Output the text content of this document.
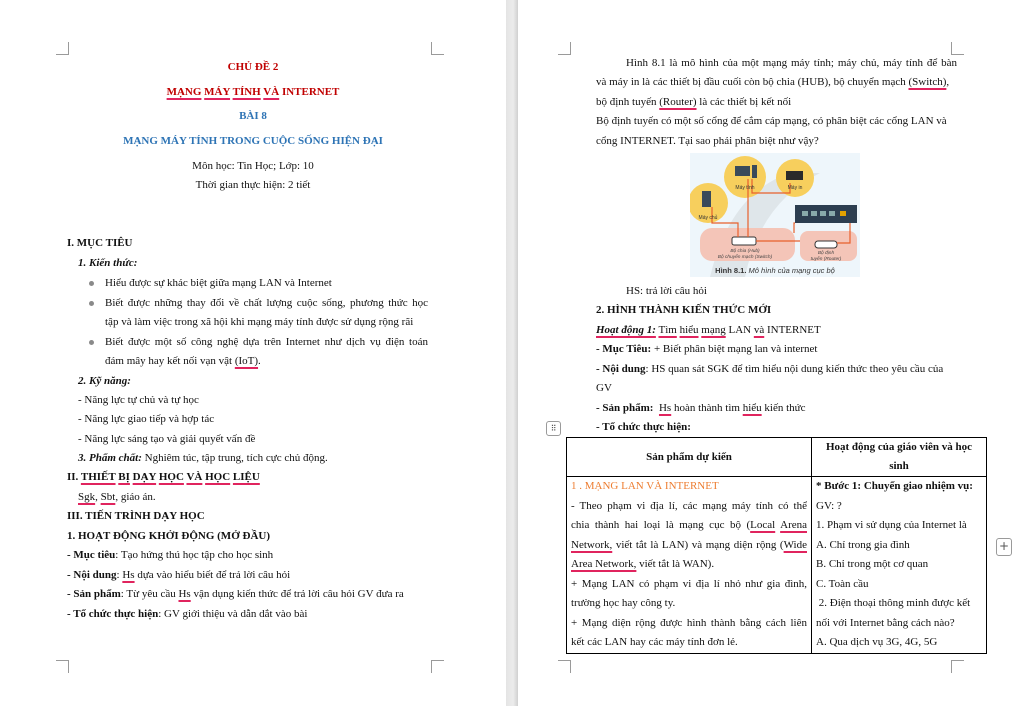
CHỦ ĐỀ 2
MẠNG MÁY TÍNH VÀ INTERNET
BÀI 8
MẠNG MÁY TÍNH TRONG CUỘC SỐNG HIỆN ĐẠI
Môn học: Tin Học; Lớp: 10
Thời gian thực hiện: 2 tiết
I. MỤC TIÊU
1. Kiến thức:
Hiểu được sự khác biệt giữa mạng LAN và Internet
Biết được những thay đổi về chất lượng cuộc sống, phương thức học
tập và làm việc trong xã hội khi mạng máy tính được sử dụng rộng rãi
Biết được một số công nghệ dựa trên Internet như dịch vụ điện toán
đám mây hay kết nối vạn vật (IoT).
2. Kỹ năng:
- Năng lực tự chủ và tự học
- Năng lực giao tiếp và hợp tác
- Năng lực sáng tạo và giải quyết vấn đề
3. Phẩm chất: Nghiêm túc, tập trung, tích cực chủ động.
II. THIẾT BỊ DẠY HỌC VÀ HỌC LIỆU
Sgk, Sbt, giáo án.
III. TIẾN TRÌNH DẠY HỌC
1. HOẠT ĐỘNG KHỞI ĐỘNG (MỞ ĐẦU)
- Mục tiêu: Tạo hứng thú học tập cho học sinh
- Nội dung: Hs dựa vào hiểu biết để trả lời câu hỏi
- Sản phẩm: Từ yêu cầu Hs vận dụng kiến thức để trả lời câu hỏi GV đưa ra
- Tổ chức thực hiện: GV giới thiệu và dẫn dắt vào bài
Hình 8.1 là mô hình của một mạng máy tính; máy chủ, máy tính để bàn
và máy in là các thiết bị đầu cuối còn bộ chia (HUB), bộ chuyển mạch (Switch),
bộ định tuyến (Router) là các thiết bị kết nối
Bộ định tuyến có một số cổng để cắm cáp mạng, có phân biệt các cổng LAN và
cổng INTERNET. Tại sao phải phân biệt như vậy?
Máy chủ
Máy tính	Máy in
Bộ chia (Hub)
Bộ chuyển mạch (Switch)
Bộ định
tuyến (Router)
Hình 8.1. Mô hình của mạng cục bộ
HS: trả lời câu hỏi
2. HÌNH THÀNH KIẾN THỨC MỚI
Hoạt động 1: Tìm hiểu mạng LAN và INTERNET
- Mục Tiêu: + Biết phân biệt mạng lan và internet
- Nội dung: HS quan sát SGK để tìm hiểu nội dung kiến thức theo yêu cầu của
GV
- Sản phẩm: Hs hoàn thành tìm hiểu kiến thức
- Tổ chức thực hiện:
⠿
+
Sản phẩm dự kiến	Hoạt động của giáo viên và học
sinh

1 . MẠNG LAN VÀ INTERNET
- Theo phạm vi địa lí, các mạng máy tính có thể
chia thành hai loại là mạng cục bộ (Local Arena
Network, viết tắt là LAN) và mạng diện rộng (Wide
Area Network, viết tắt là WAN).
+ Mạng LAN có phạm vi địa lí nhỏ như gia đình,
trường học hay công ty.
+ Mạng diện rộng được hình thành bằng cách liên
kết các LAN hay các máy tính đơn lẻ.

* Bước 1: Chuyển giao nhiệm vụ:
GV: ?
1. Phạm vi sử dụng của Internet là
A. Chỉ trong gia đình
B. Chỉ trong một cơ quan
C. Toàn cầu
2. Điện thoại thông minh được kết
nối với Internet bằng cách nào?
A. Qua dịch vụ 3G, 4G, 5G
